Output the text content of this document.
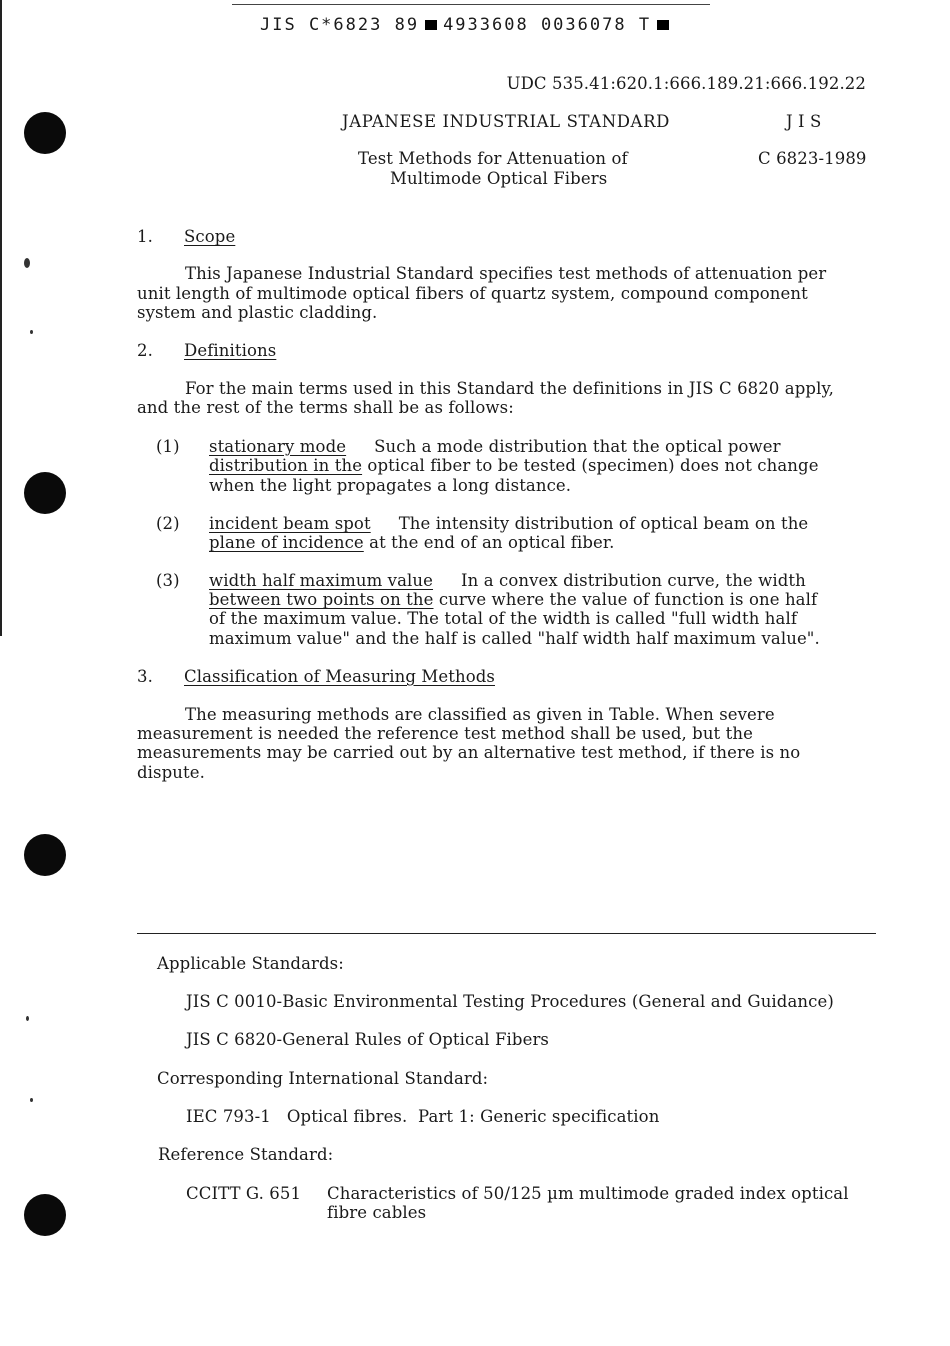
JIS C*6823 89 4933608 0036078 T
UDC 535.41:620.1:666.189.21:666.192.22
JAPANESE INDUSTRIAL STANDARD	J I S
Test Methods for Attenuation of
Multimode Optical Fibers
C 6823-1989
1. Scope
This Japanese Industrial Standard specifies test methods of attenuation per
unit length of multimode optical fibers of quartz system, compound component
system and plastic cladding.
2. Definitions
For the main terms used in this Standard the definitions in JIS C 6820 apply,
and the rest of the terms shall be as follows:
(1) stationary mode Such a mode distribution that the optical power
distribution in the optical fiber to be tested (specimen) does not change
when the light propagates a long distance.
(2) incident beam spot The intensity distribution of optical beam on the
plane of incidence at the end of an optical fiber.
(3) width half maximum value In a convex distribution curve, the width
between two points on the curve where the value of function is one half
of the maximum value. The total of the width is called "full width half
maximum value" and the half is called "half width half maximum value".
3. Classification of Measuring Methods
The measuring methods are classified as given in Table. When severe
measurement is needed the reference test method shall be used, but the
measurements may be carried out by an alternative test method, if there is no
dispute.
Applicable Standards:
JIS C 0010-Basic Environmental Testing Procedures (General and Guidance)
JIS C 6820-General Rules of Optical Fibers
Corresponding International Standard:
IEC 793-1   Optical fibres.  Part 1: Generic specification
Reference Standard:
CCITT G. 651 Characteristics of 50/125 µm multimode graded index optical
fibre cables
